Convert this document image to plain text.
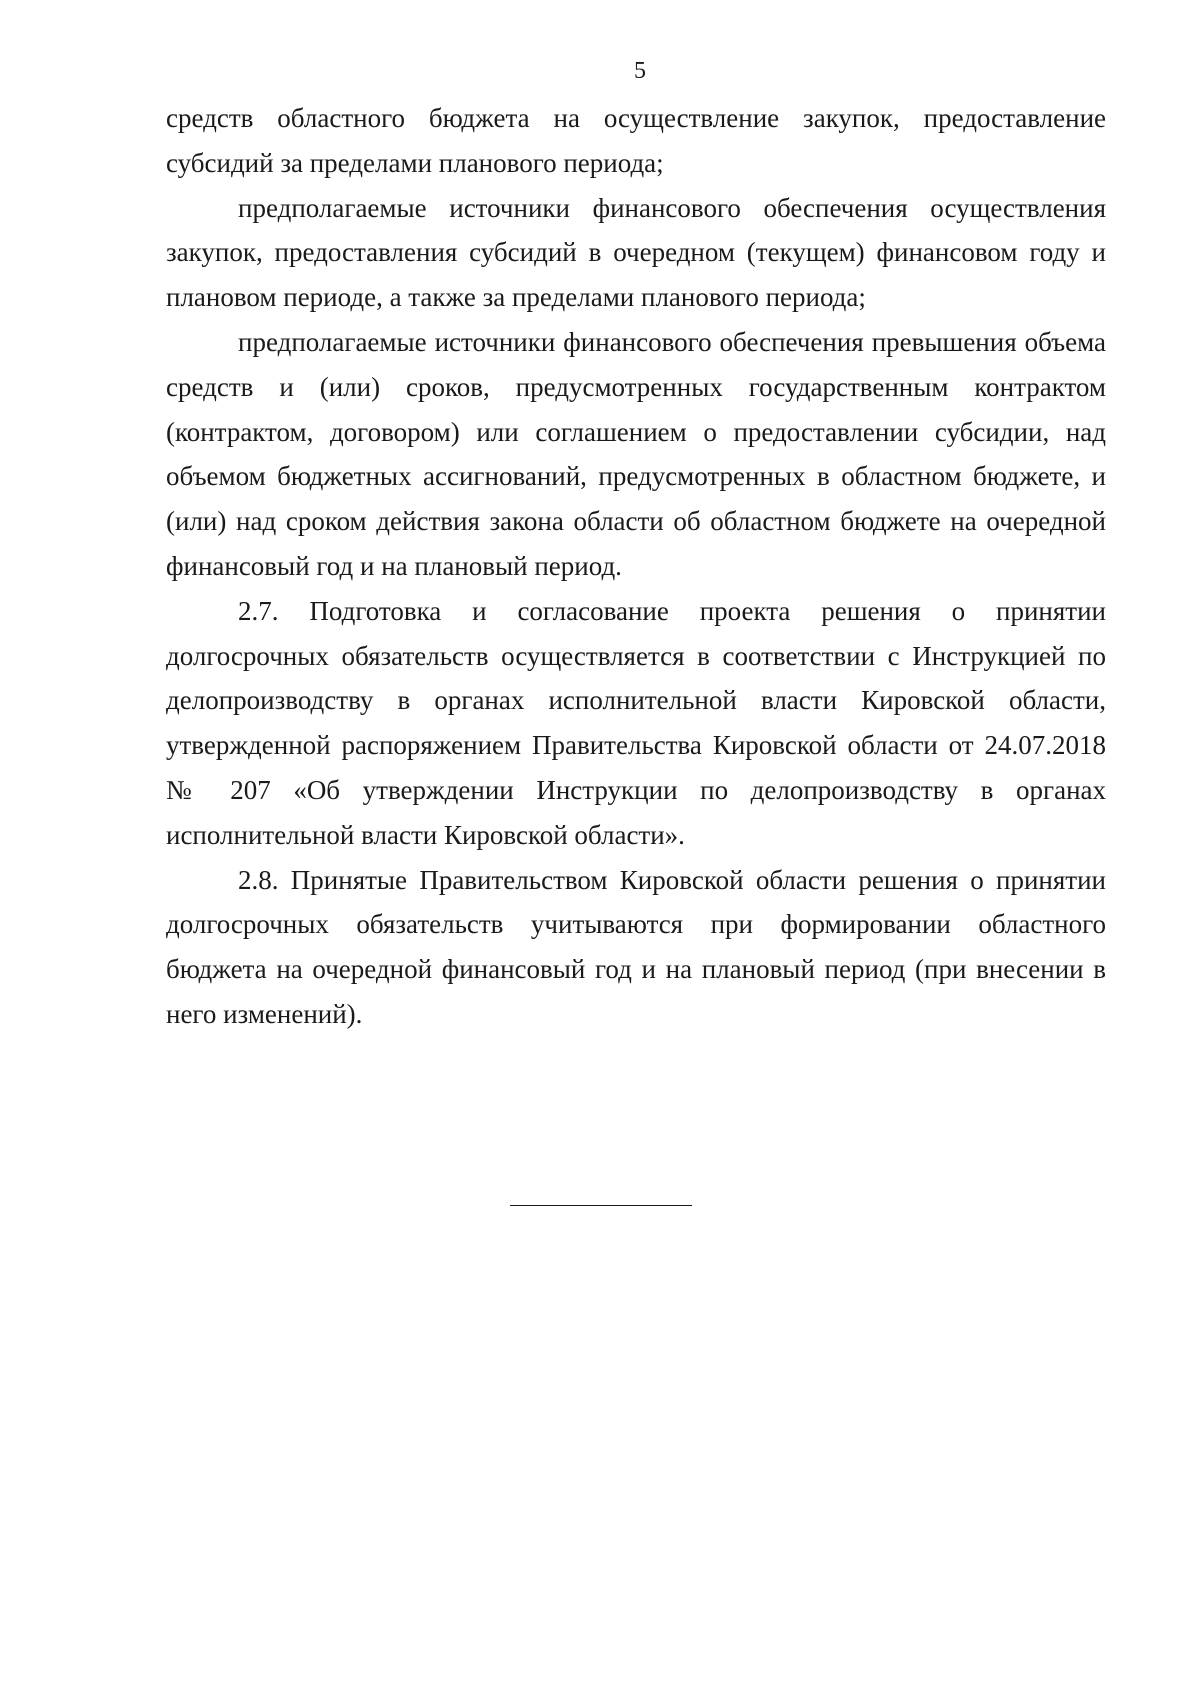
5

средств областного бюджета на осуществление закупок, предоставление субсидий за пределами планового периода;

предполагаемые источники финансового обеспечения осуществления закупок, предоставления субсидий в очередном (текущем) финансовом году и плановом периоде, а также за пределами планового периода;

предполагаемые источники финансового обеспечения превышения объема средств и (или) сроков, предусмотренных государственным контрактом (контрактом, договором) или соглашением о предоставлении субсидии, над объемом бюджетных ассигнований, предусмотренных в областном бюджете, и (или) над сроком действия закона области об областном бюджете на очередной финансовый год и на плановый период.

2.7. Подготовка и согласование проекта решения о принятии долгосрочных обязательств осуществляется в соответствии с Инструкцией по делопроизводству в органах исполнительной власти Кировской области, утвержденной распоряжением Правительства Кировской области от 24.07.2018 № 207 «Об утверждении Инструкции по делопроизводству в органах исполнительной власти Кировской области».

2.8. Принятые Правительством Кировской области решения о принятии долгосрочных обязательств учитываются при формировании областного бюджета на очередной финансовый год и на плановый период (при внесении в него изменений).
